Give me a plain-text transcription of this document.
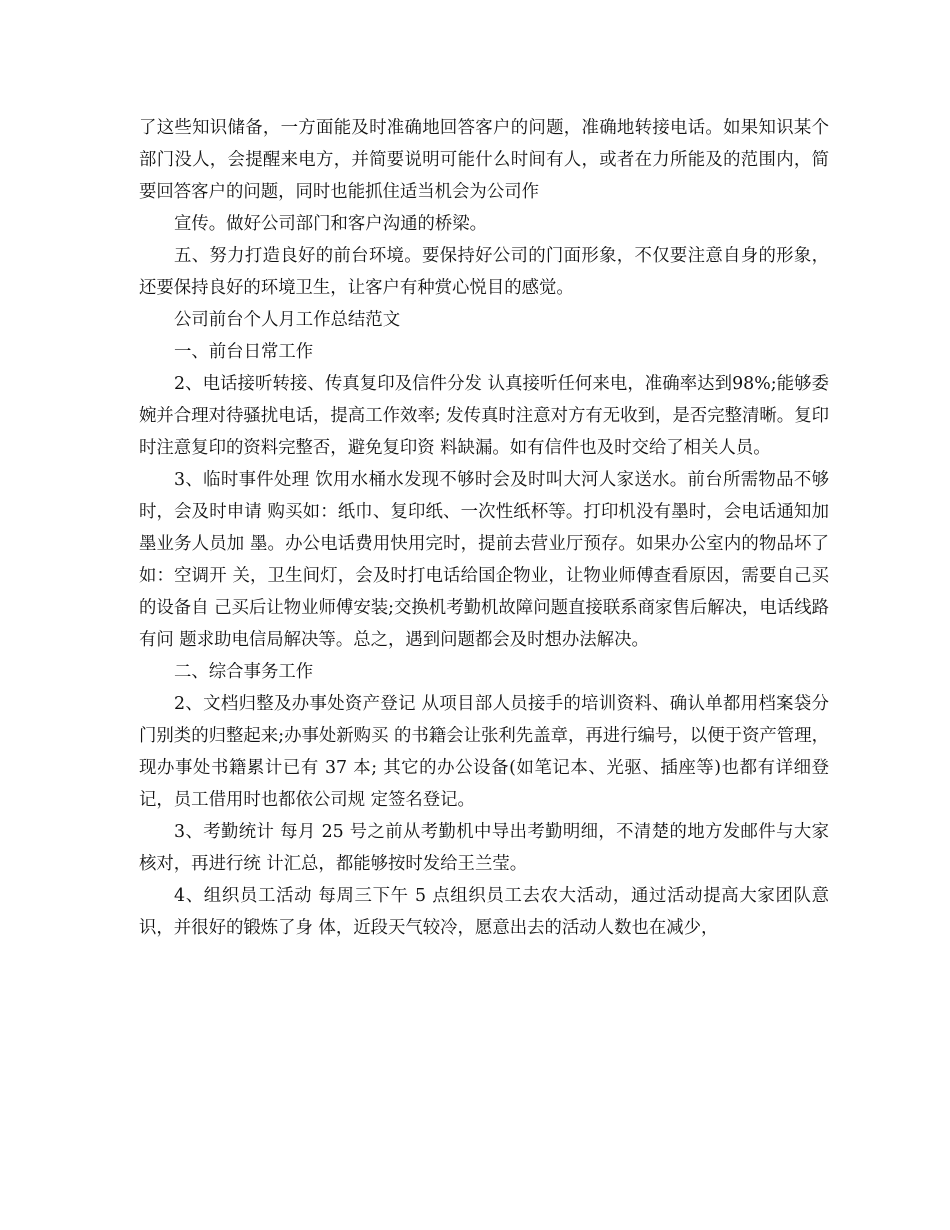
了这些知识储备，一方面能及时准确地回答客户的问题，准确地转接电话。如果知识某个部门没人，会提醒来电方，并简要说明可能什么时间有人，或者在力所能及的范围内，简要回答客户的问题，同时也能抓住适当机会为公司作

宣传。做好公司部门和客户沟通的桥梁。

五、努力打造良好的前台环境。要保持好公司的门面形象，不仅要注意自身的形象，还要保持良好的环境卫生，让客户有种赏心悦目的感觉。

公司前台个人月工作总结范文

一、前台日常工作

2、电话接听转接、传真复印及信件分发 认真接听任何来电，准确率达到98%;能够委婉并合理对待骚扰电话，提高工作效率; 发传真时注意对方有无收到，是否完整清晰。复印时注意复印的资料完整否，避免复印资 料缺漏。如有信件也及时交给了相关人员。

3、临时事件处理 饮用水桶水发现不够时会及时叫大河人家送水。前台所需物品不够时，会及时申请 购买如：纸巾、复印纸、一次性纸杯等。打印机没有墨时，会电话通知加墨业务人员加 墨。办公电话费用快用完时，提前去营业厅预存。如果办公室内的物品坏了如：空调开 关，卫生间灯，会及时打电话给国企物业，让物业师傅查看原因，需要自己买的设备自 己买后让物业师傅安装;交换机考勤机故障问题直接联系商家售后解决，电话线路有问 题求助电信局解决等。总之，遇到问题都会及时想办法解决。

二、综合事务工作

2、文档归整及办事处资产登记 从项目部人员接手的培训资料、确认单都用档案袋分门别类的归整起来;办事处新购买 的书籍会让张利先盖章，再进行编号，以便于资产管理，现办事处书籍累计已有 37 本; 其它的办公设备(如笔记本、光驱、插座等)也都有详细登记，员工借用时也都依公司规 定签名登记。

3、考勤统计 每月 25 号之前从考勤机中导出考勤明细，不清楚的地方发邮件与大家核对，再进行统 计汇总，都能够按时发给王兰莹。

4、组织员工活动 每周三下午 5 点组织员工去农大活动，通过活动提高大家团队意识，并很好的锻炼了身 体，近段天气较冷，愿意出去的活动人数也在减少，
